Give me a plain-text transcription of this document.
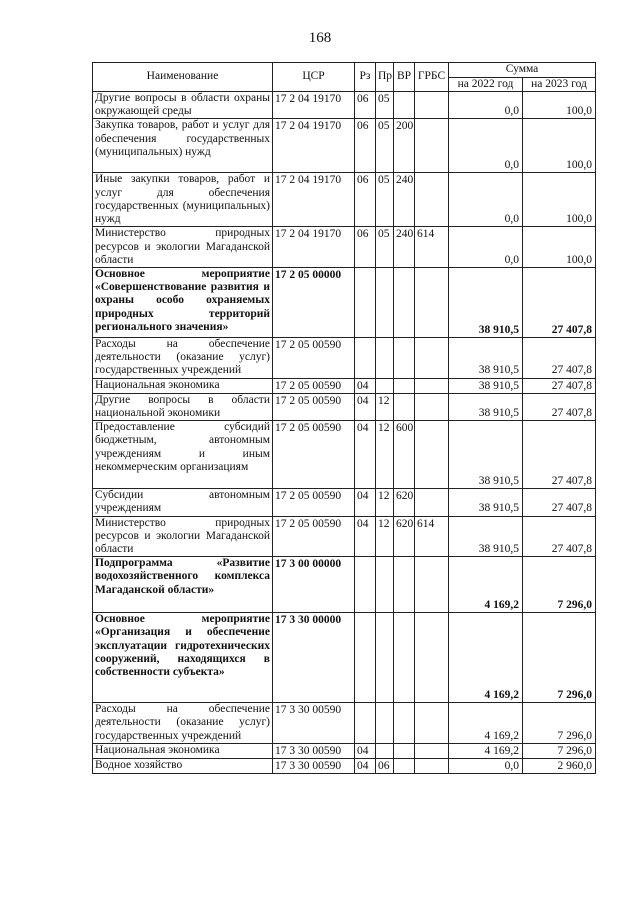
168
Наименование	ЦСР	Рз	Пр	ВР	ГРБС	Сумма	
						на 2022 год	на 2023 год
Другие вопросы в области охраны окружающей среды	17 2 04 19170	06	05			0,0	100,0
Закупка товаров, работ и услуг для обеспечения государственных (муниципальных) нужд	17 2 04 19170	06	05	200		0,0	100,0
Иные закупки товаров, работ и услуг для обеспечения государственных (муниципальных) нужд	17 2 04 19170	06	05	240		0,0	100,0
Министерство природных ресурсов и экологии Магаданской области	17 2 04 19170	06	05	240	614	0,0	100,0
Основное мероприятие «Совершенствование развития и охраны особо охраняемых природных территорий регионального значения»	17 2 05 00000					38 910,5	27 407,8
Расходы на обеспечение деятельности (оказание услуг) государственных учреждений	17 2 05 00590					38 910,5	27 407,8
Национальная экономика	17 2 05 00590	04				38 910,5	27 407,8
Другие вопросы в области национальной экономики	17 2 05 00590	04	12			38 910,5	27 407,8
Предоставление субсидий бюджетным, автономным учреждениям и иным некоммерческим организациям	17 2 05 00590	04	12	600		38 910,5	27 407,8
Субсидии автономным учреждениям	17 2 05 00590	04	12	620		38 910,5	27 407,8
Министерство природных ресурсов и экологии Магаданской области	17 2 05 00590	04	12	620	614	38 910,5	27 407,8
Подпрограмма «Развитие водохозяйственного комплекса Магаданской области»	17 3 00 00000					4 169,2	7 296,0
Основное мероприятие «Организация и обеспечение эксплуатации гидротехнических сооружений, находящихся в собственности субъекта»	17 3 30 00000					4 169,2	7 296,0
Расходы на обеспечение деятельности (оказание услуг) государственных учреждений	17 3 30 00590					4 169,2	7 296,0
Национальная экономика	17 3 30 00590	04				4 169,2	7 296,0
Водное хозяйство	17 3 30 00590	04	06			0,0	2 960,0
